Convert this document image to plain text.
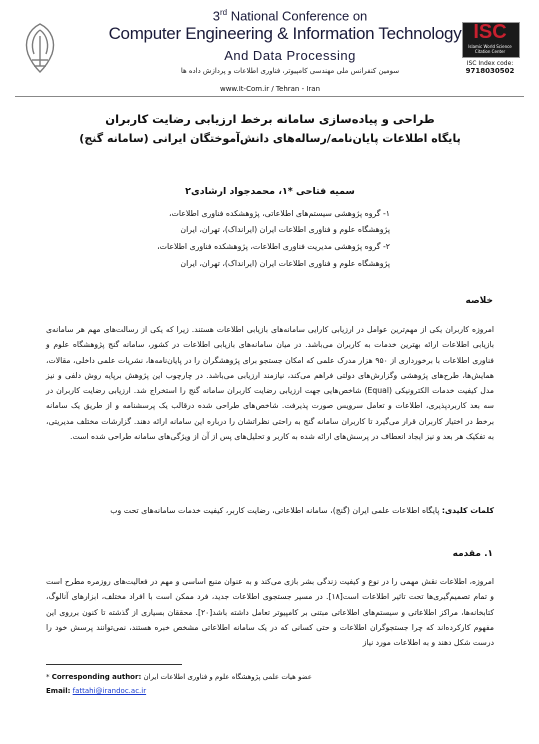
3rd National Conference on
Computer Engineering & Information Technology
And Data Processing
سومین کنفرانس ملی مهندسی کامپیوتر، فناوری اطلاعات و پردازش داده ها
ISC
Islamic World Science Citation Center
ISC Index code:
9718030502
www.It-Com.ir / Tehran - Iran
طراحی و پیاده‌سازی سامانه برخط ارزیابی رضایت کاربران
پایگاه اطلاعات پایان‌نامه/رساله‌های دانش‌آموختگان ایرانی (سامانه گنج)
سمیه فتاحی *۱، محمدجواد ارشادی۲
۱- گروه پژوهشی سیستم‌های اطلاعاتی، پژوهشکده فناوری اطلاعات،
پژوهشگاه علوم و فناوری اطلاعات ایران (ایرانداک)، تهران، ایران
۲- گروه پژوهشی مدیریت فناوری اطلاعات، پژوهشکده فناوری اطلاعات،
پژوهشگاه علوم و فناوری اطلاعات ایران (ایرانداک)، تهران، ایران
خلاصه
امروزه کاربران یکی از مهم‌ترین عوامل در ارزیابی کارایی سامانه‌های بازیابی اطلاعات هستند. زیرا که یکی از رسالت‌های مهم هر سامانه‌ی بازیابی اطلاعات ارائه بهترین خدمات به کاربران می‌باشد. در میان سامانه‌های بازیابی اطلاعات در کشور، سامانه گنج پژوهشگاه علوم و فناوری اطلاعات با برخورداری از ۹۵۰ هزار مدرک علمی که امکان جستجو برای پژوهشگران را در پایان‌نامه‌ها، نشریات علمی داخلی، مقالات، همایش‌ها، طرح‌های پژوهشی وگزارش‌های دولتی فراهم می‌کند، نیازمند ارزیابی می‌باشد. در چارچوب این پژوهش برپایه روش دلفی و نیز مدل کیفیت خدمات الکترونیکی (Equal) شاخص‌هایی جهت ارزیابی رضایت کاربران سامانه گنج را استخراج شد. ارزیابی رضایت کاربران در سه بعد کاربردپذیری، اطلاعات و تعامل سرویس صورت پذیرفت. شاخص‌های طراحی شده درقالب یک پرسشنامه و از طریق یک سامانه برخط در اختیار کاربران قرار می‌گیرد تا کاربران سامانه گنج به راحتی نظراتشان را درباره این سامانه ارائه دهند. گزارشات مختلف مدیریتی، به تفکیک هر بعد و نیز ایجاد انعطاف در پرسش‌های ارائه شده به کاربر و تحلیل‌های پس از آن از ویژگی‌های سامانه طراحی شده است.
کلمات کلیدی: پایگاه اطلاعات علمی ایران (گنج)، سامانه اطلاعاتی، رضایت کاربر، کیفیت خدمات سامانه‌های تحت وب
۱. مقدمه
امروزه، اطلاعات نقش مهمی را در نوع و کیفیت زندگی بشر بازی می‌کند و به عنوان منبع اساسی و مهم در فعالیت‌های روزمره مطرح است و تمام تصمیم‌گیری‌ها تحت تاثیر اطلاعات است[۱۸]. در مسیر جستجوی اطلاعات جدید، فرد ممکن است با افراد مختلف، ابزارهای آنالوگ، کتابخانه‌ها، مراکز اطلاعاتی و سیستم‌های اطلاعاتی مبتنی بر کامپیوتر تعامل داشته باشد[۲۰]. محققان بسیاری از گذشته تا کنون برروی این مفهوم کارکرده‌اند که چرا جستجوگران اطلاعات و حتی کسانی که در یک سامانه اطلاعاتی مشخص خبره هستند، نمی‌توانند پرسش خود را درست شکل دهند و به اطلاعات مورد نیاز
* Corresponding author: عضو هیات علمی پژوهشگاه علوم و فناوری اطلاعات ایران
Email: fattahi@irandoc.ac.ir
